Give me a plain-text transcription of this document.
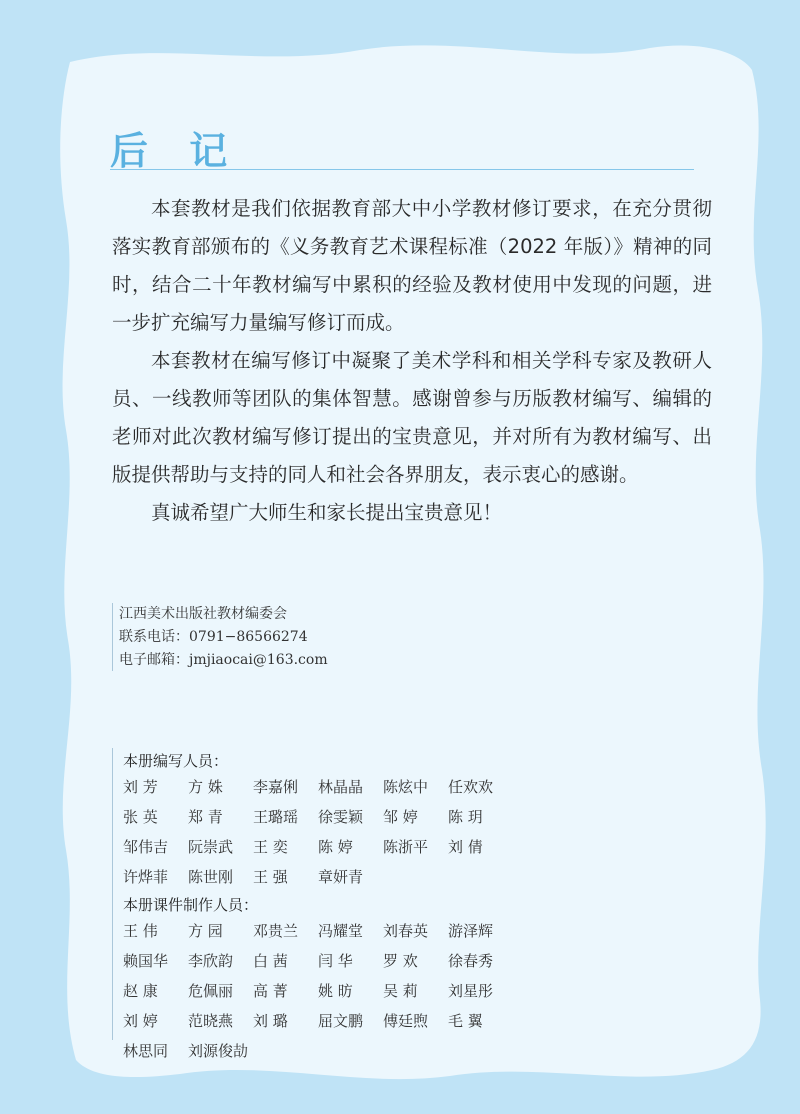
后 记

本套教材是我们依据教育部大中小学教材修订要求，在充分贯彻落实教育部颁布的《义务教育艺术课程标准（2022 年版）》精神的同时，结合二十年教材编写中累积的经验及教材使用中发现的问题，进一步扩充编写力量编写修订而成。

本套教材在编写修订中凝聚了美术学科和相关学科专家及教研人员、一线教师等团队的集体智慧。感谢曾参与历版教材编写、编辑的老师对此次教材编写修订提出的宝贵意见，并对所有为教材编写、出版提供帮助与支持的同人和社会各界朋友，表示衷心的感谢。

真诚希望广大师生和家长提出宝贵意见！

江西美术出版社教材编委会
联系电话：0791−86566274
电子邮箱：jmjiaocai@163.com
本册编写人员：
刘 芳	方 姝	李嘉俐	林晶晶	陈炫中	任欢欢
张 英	郑 青	王璐瑶	徐雯颖	邹 婷	陈 玥
邹伟吉	阮崇武	王 奕	陈 婷	陈浙平	刘 倩
许烨菲	陈世刚	王 强	章妍青
本册课件制作人员：
王 伟	方 园	邓贵兰	冯耀堂	刘春英	游泽辉
赖国华	李欣韵	白 茜	闫 华	罗 欢	徐春秀
赵 康	危佩丽	高 菁	姚 昉	吴 莉	刘星彤
刘 婷	范晓燕	刘 璐	屈文鹏	傅廷煦	毛 翼
林思同	刘源俊劼
